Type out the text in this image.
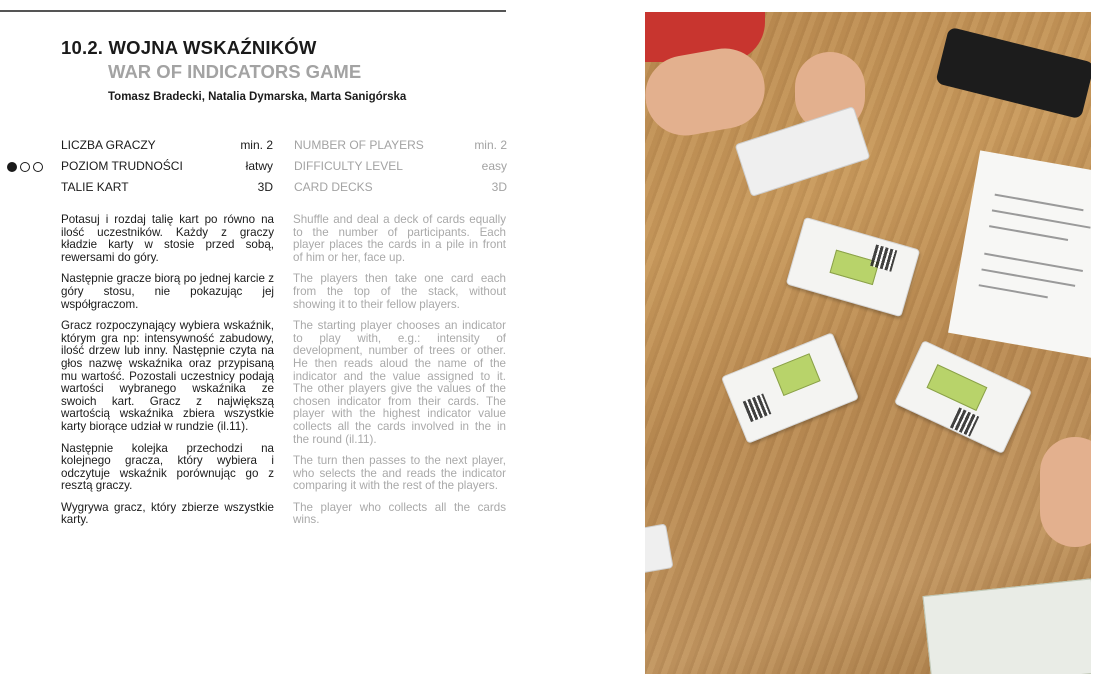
10.2. WOJNA WSKAŹNIKÓW
WAR OF INDICATORS GAME
Tomasz Bradecki, Natalia Dymarska, Marta Sanigórska
LICZBA GRACZY	min. 2 NUMBER OF PLAYERS	min. 2
POZIOM TRUDNOŚCI	łatwy DIFFICULTY LEVEL	easy
TALIE KART	3D CARD DECKS	3D

Potasuj i rozdaj talię kart po równo na ilość uczestników. Każdy z graczy kładzie karty w stosie przed sobą, rewersami do góry.

Następnie gracze biorą po jednej karcie z góry stosu, nie pokazując jej współgraczom.

Gracz rozpoczynający wybiera wskaźnik, którym gra np: intensywność zabudowy, ilość drzew lub inny. Następnie czyta na głos nazwę wskaźnika oraz przypisaną mu wartość. Pozostali uczestnicy podają wartości wybranego wskaźnika ze swoich kart. Gracz z największą wartością wskaźnika zbiera wszystkie karty biorące udział w rundzie (il.11).

Następnie kolejka przechodzi na kolejnego gracza, który wybiera i odczytuje wskaźnik porównując go z resztą graczy.

Wygrywa gracz, który zbierze wszystkie karty.

Shuffle and deal a deck of cards equally to the number of participants. Each player places the cards in a pile in front of him or her, face up.

The players then take one card each from the top of the stack, without showing it to their fellow players.

The starting player chooses an indicator to play with, e.g.: intensity of development, number of trees or other. He then reads aloud the name of the indicator and the value assigned to it. The other players give the values of the chosen indicator from their cards. The player with the highest indicator value collects all the cards involved in the in the round (il.11).

The turn then passes to the next player, who selects the and reads the indicator comparing it with the rest of the players.

The player who collects all the cards wins.
